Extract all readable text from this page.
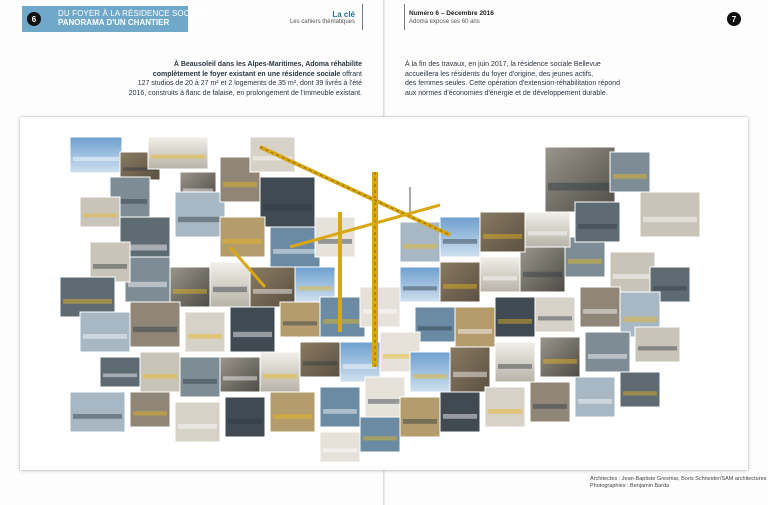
6
DU FOYER À LA RÉSIDENCE SOCIALE
PANORAMA D'UN CHANTIER
La clé
Les cahiers thématiques
Numéro 6 – Décembre 2016
Adoma expose ses 60 ans	7
À Beausoleil dans les Alpes-Maritimes, Adoma réhabilite
complètement le foyer existant en une résidence sociale offrant
127 studios de 20 à 27 m² et 2 logements de 35 m², dont 39 livrés à l'été
2016, construits à flanc de falaise, en prolongement de l'immeuble existant.
À la fin des travaux, en juin 2017, la résidence sociale Bellevue
accueillera les résidents du foyer d'origine, des jeunes actifs,
des femmes seules. Cette opération d'extension-réhabilitation répond
aux normes d'économies d'énergie et de développement durable.
Architectes : Jean-Baptiste Gresmar, Boris Schneider/SAM architectures
Photographies : Benjamin Barda
